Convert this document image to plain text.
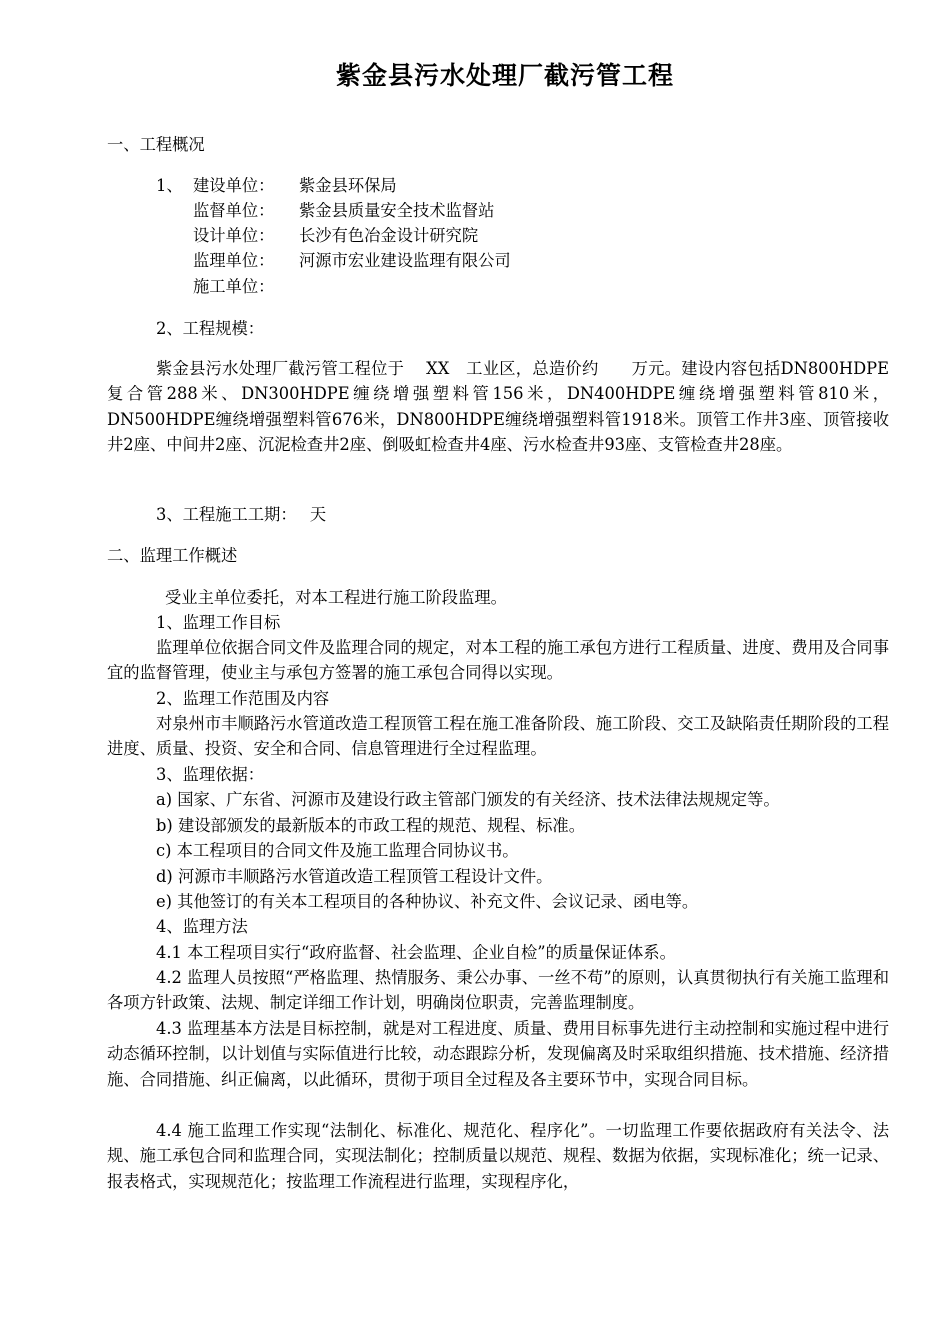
紫金县污水处理厂截污管工程
一、工程概况
1、 建设单位： 紫金县环保局
监督单位： 紫金县质量安全技术监督站
设计单位： 长沙有色冶金设计研究院
监理单位： 河源市宏业建设监理有限公司
施工单位：
2、工程规模：
紫金县污水处理厂截污管工程位于　 XX　工业区，总造价约　　万元。建设内容包括DN800HDPE复合管288米、DN300HDPE缠绕增强塑料管156米，DN400HDPE缠绕增强塑料管810米，DN500HDPE缠绕增强塑料管676米，DN800HDPE缠绕增强塑料管1918米。顶管工作井3座、顶管接收井2座、中间井2座、沉泥检查井2座、倒吸虹检查井4座、污水检查井93座、支管检查井28座。
3、工程施工工期：　 天
二、监理工作概述
受业主单位委托，对本工程进行施工阶段监理。
1、监理工作目标
监理单位依据合同文件及监理合同的规定，对本工程的施工承包方进行工程质量、进度、费用及合同事宜的监督管理，使业主与承包方签署的施工承包合同得以实现。
2、监理工作范围及内容
对泉州市丰顺路污水管道改造工程顶管工程在施工准备阶段、施工阶段、交工及缺陷责任期阶段的工程进度、质量、投资、安全和合同、信息管理进行全过程监理。
3、监理依据：
a) 国家、广东省、河源市及建设行政主管部门颁发的有关经济、技术法律法规规定等。
b) 建设部颁发的最新版本的市政工程的规范、规程、标准。
c) 本工程项目的合同文件及施工监理合同协议书。
d) 河源市丰顺路污水管道改造工程顶管工程设计文件。
e) 其他签订的有关本工程项目的各种协议、补充文件、会议记录、函电等。
4、监理方法
4.1 本工程项目实行“政府监督、社会监理、企业自检”的质量保证体系。
4.2 监理人员按照“严格监理、热情服务、秉公办事、一丝不苟”的原则，认真贯彻执行有关施工监理和各项方针政策、法规、制定详细工作计划，明确岗位职责，完善监理制度。
4.3 监理基本方法是目标控制，就是对工程进度、质量、费用目标事先进行主动控制和实施过程中进行动态循环控制，以计划值与实际值进行比较，动态跟踪分析，发现偏离及时采取组织措施、技术措施、经济措施、合同措施、纠正偏离，以此循环，贯彻于项目全过程及各主要环节中，实现合同目标。
4.4 施工监理工作实现“法制化、标准化、规范化、程序化”。一切监理工作要依据政府有关法令、法规、施工承包合同和监理合同，实现法制化；控制质量以规范、规程、数据为依据，实现标准化；统一记录、报表格式，实现规范化；按监理工作流程进行监理，实现程序化，
